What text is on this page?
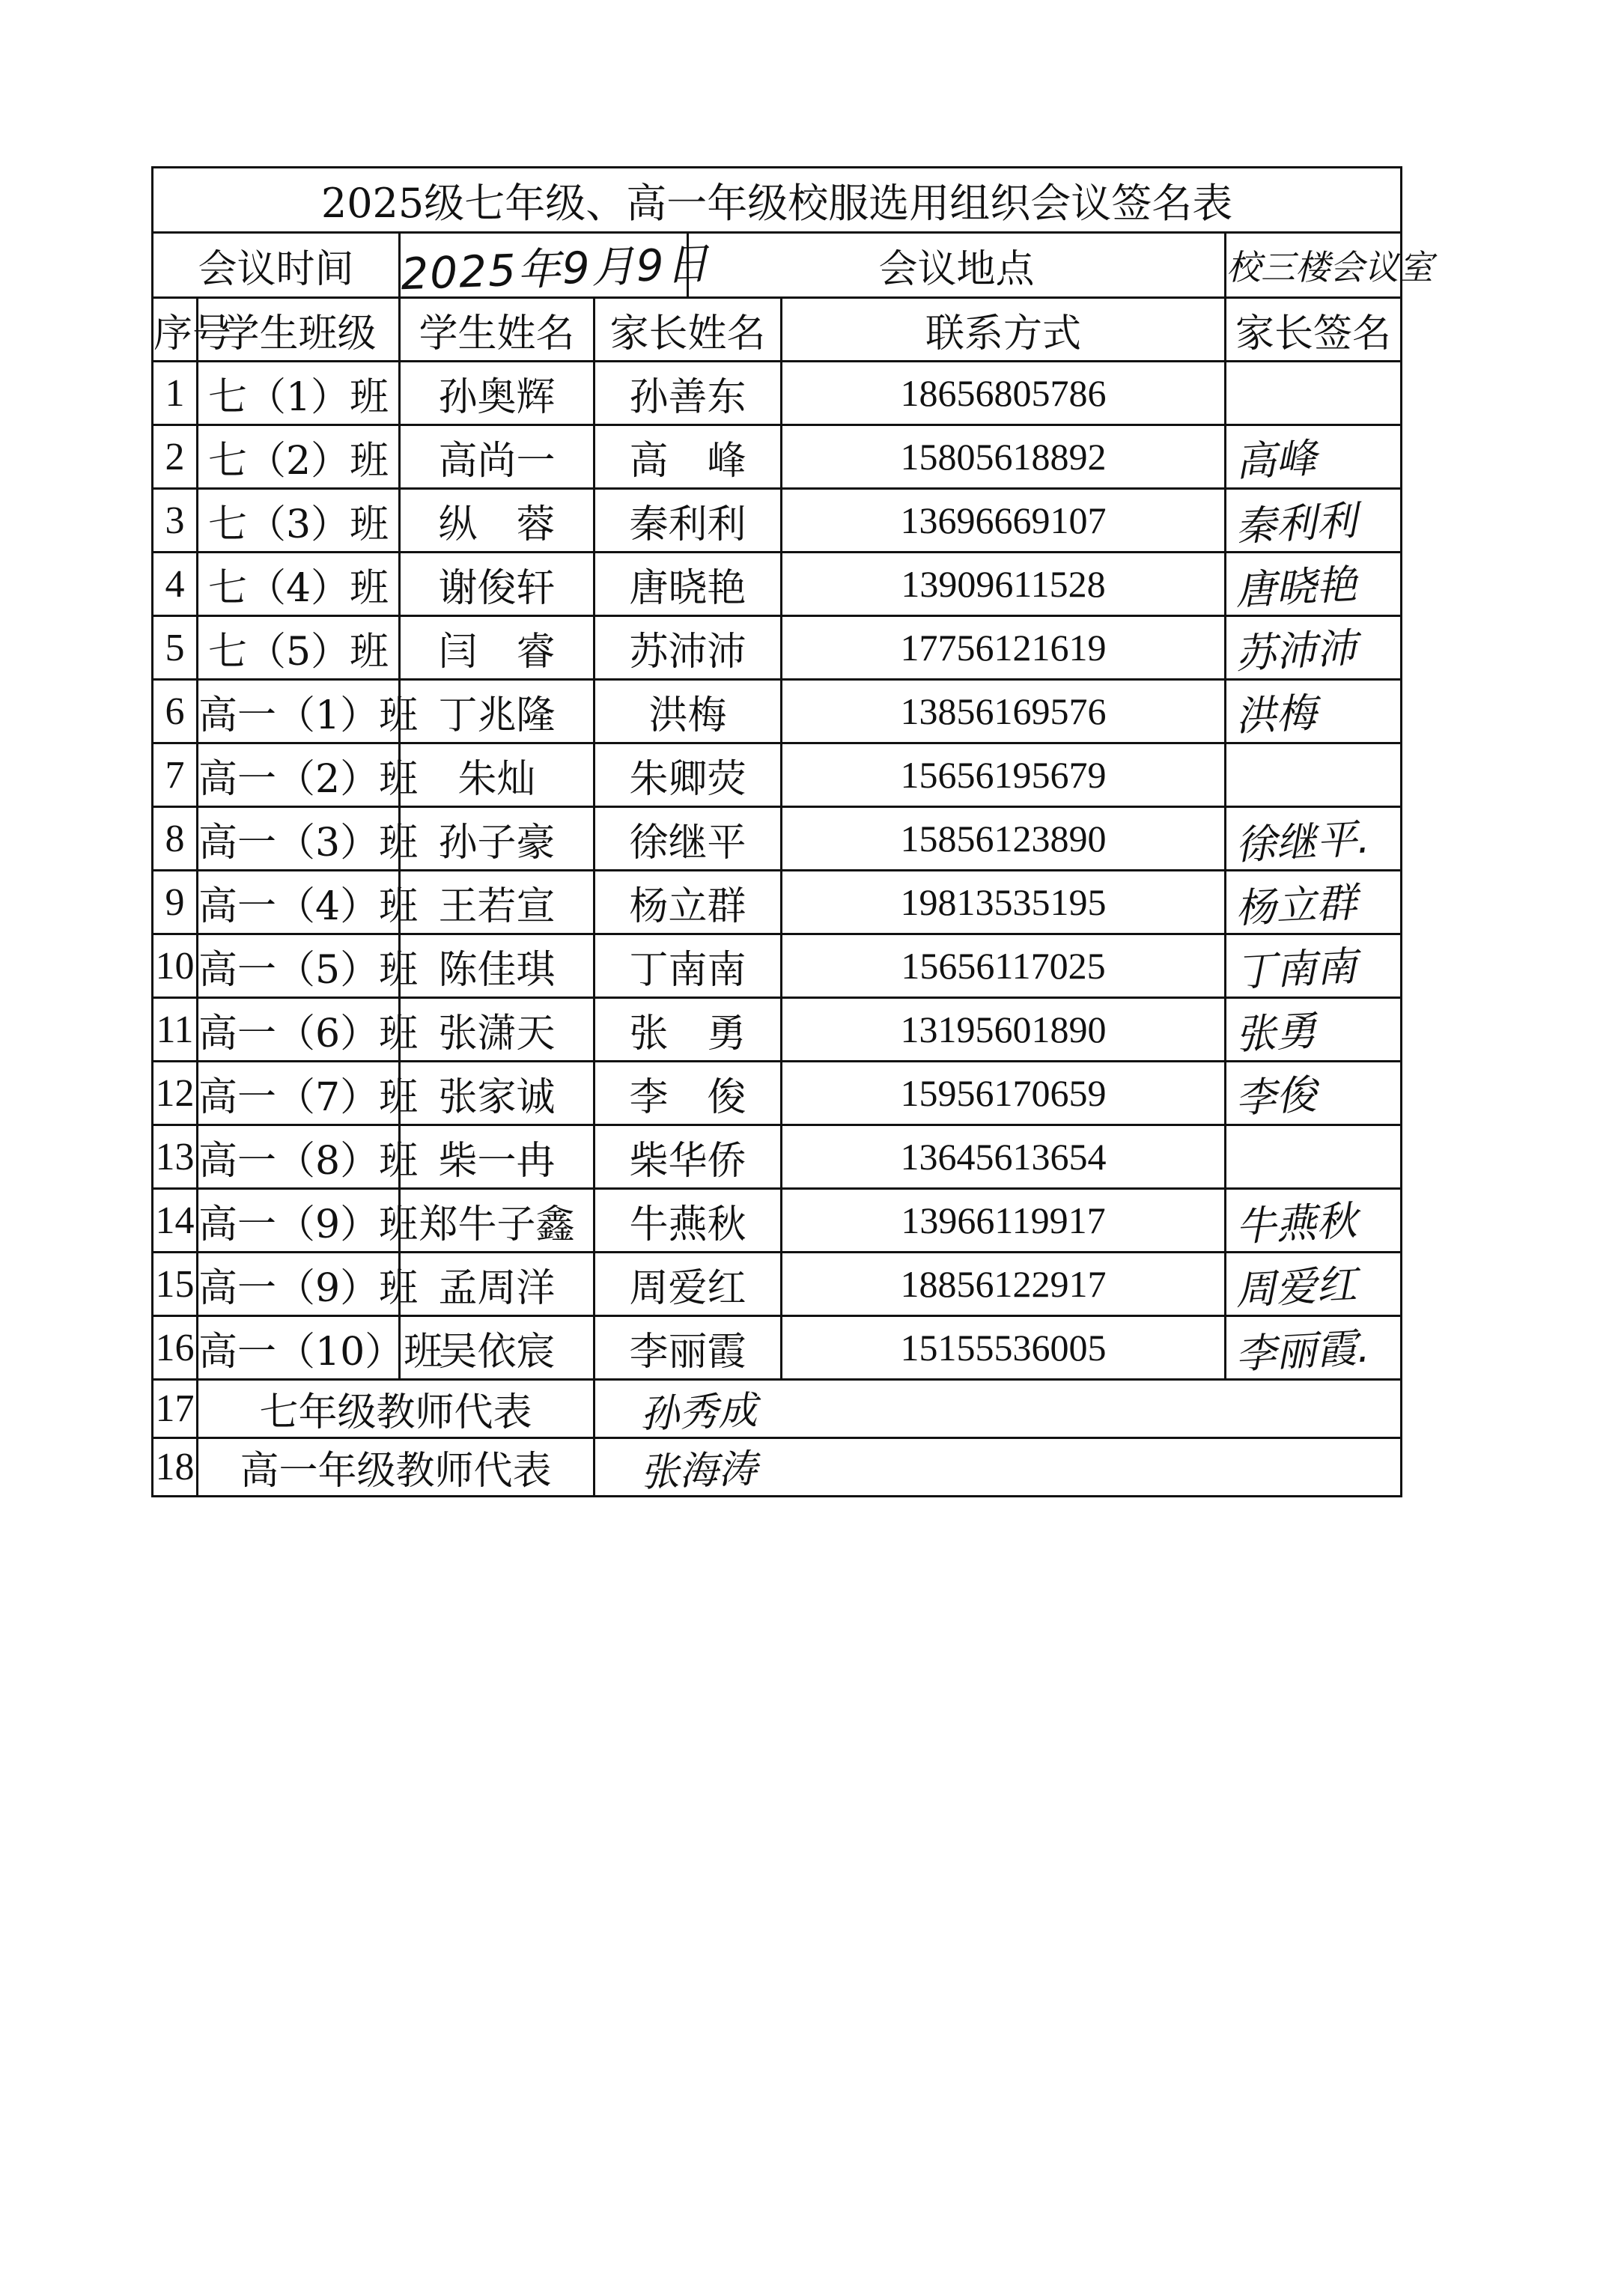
2025级七年级、高一年级校服选用组织会议签名表						
会议时间		2025年9月9日		会议地点		校三楼会议室
序号	学生班级	学生姓名	家长姓名		联系方式	家长签名
1	七（1）班	孙奥辉	孙善东		18656805786	
2	七（2）班	高尚一	高　峰		15805618892	高峰
3	七（3）班	纵　蓉	秦利利		13696669107	秦利利
4	七（4）班	谢俊轩	唐晓艳		13909611528	唐晓艳
5	七（5）班	闫　睿	苏沛沛		17756121619	苏沛沛
6	高一（1）班	丁兆隆	洪梅		13856169576	洪梅
7	高一（2）班	朱灿	朱卿荧		15656195679	
8	高一（3）班	孙子豪	徐继平		15856123890	徐继平.
9	高一（4）班	王若宣	杨立群		19813535195	杨立群
10	高一（5）班	陈佳琪	丁南南		15656117025	丁南南
11	高一（6）班	张潇天	张　勇		13195601890	张勇
12	高一（7）班	张家诚	李　俊		15956170659	李俊
13	高一（8）班	柴一冉	柴华侨		13645613654	
14	高一（9）班	郑牛子鑫	牛燕秋		13966119917	牛燕秋
15	高一（9）班	孟周洋	周爱红		18856122917	周爱红
16	高一（10）班	吴依宸	李丽霞		15155536005	李丽霞.
17	七年级教师代表		孙秀成			
18	高一年级教师代表		张海涛			
